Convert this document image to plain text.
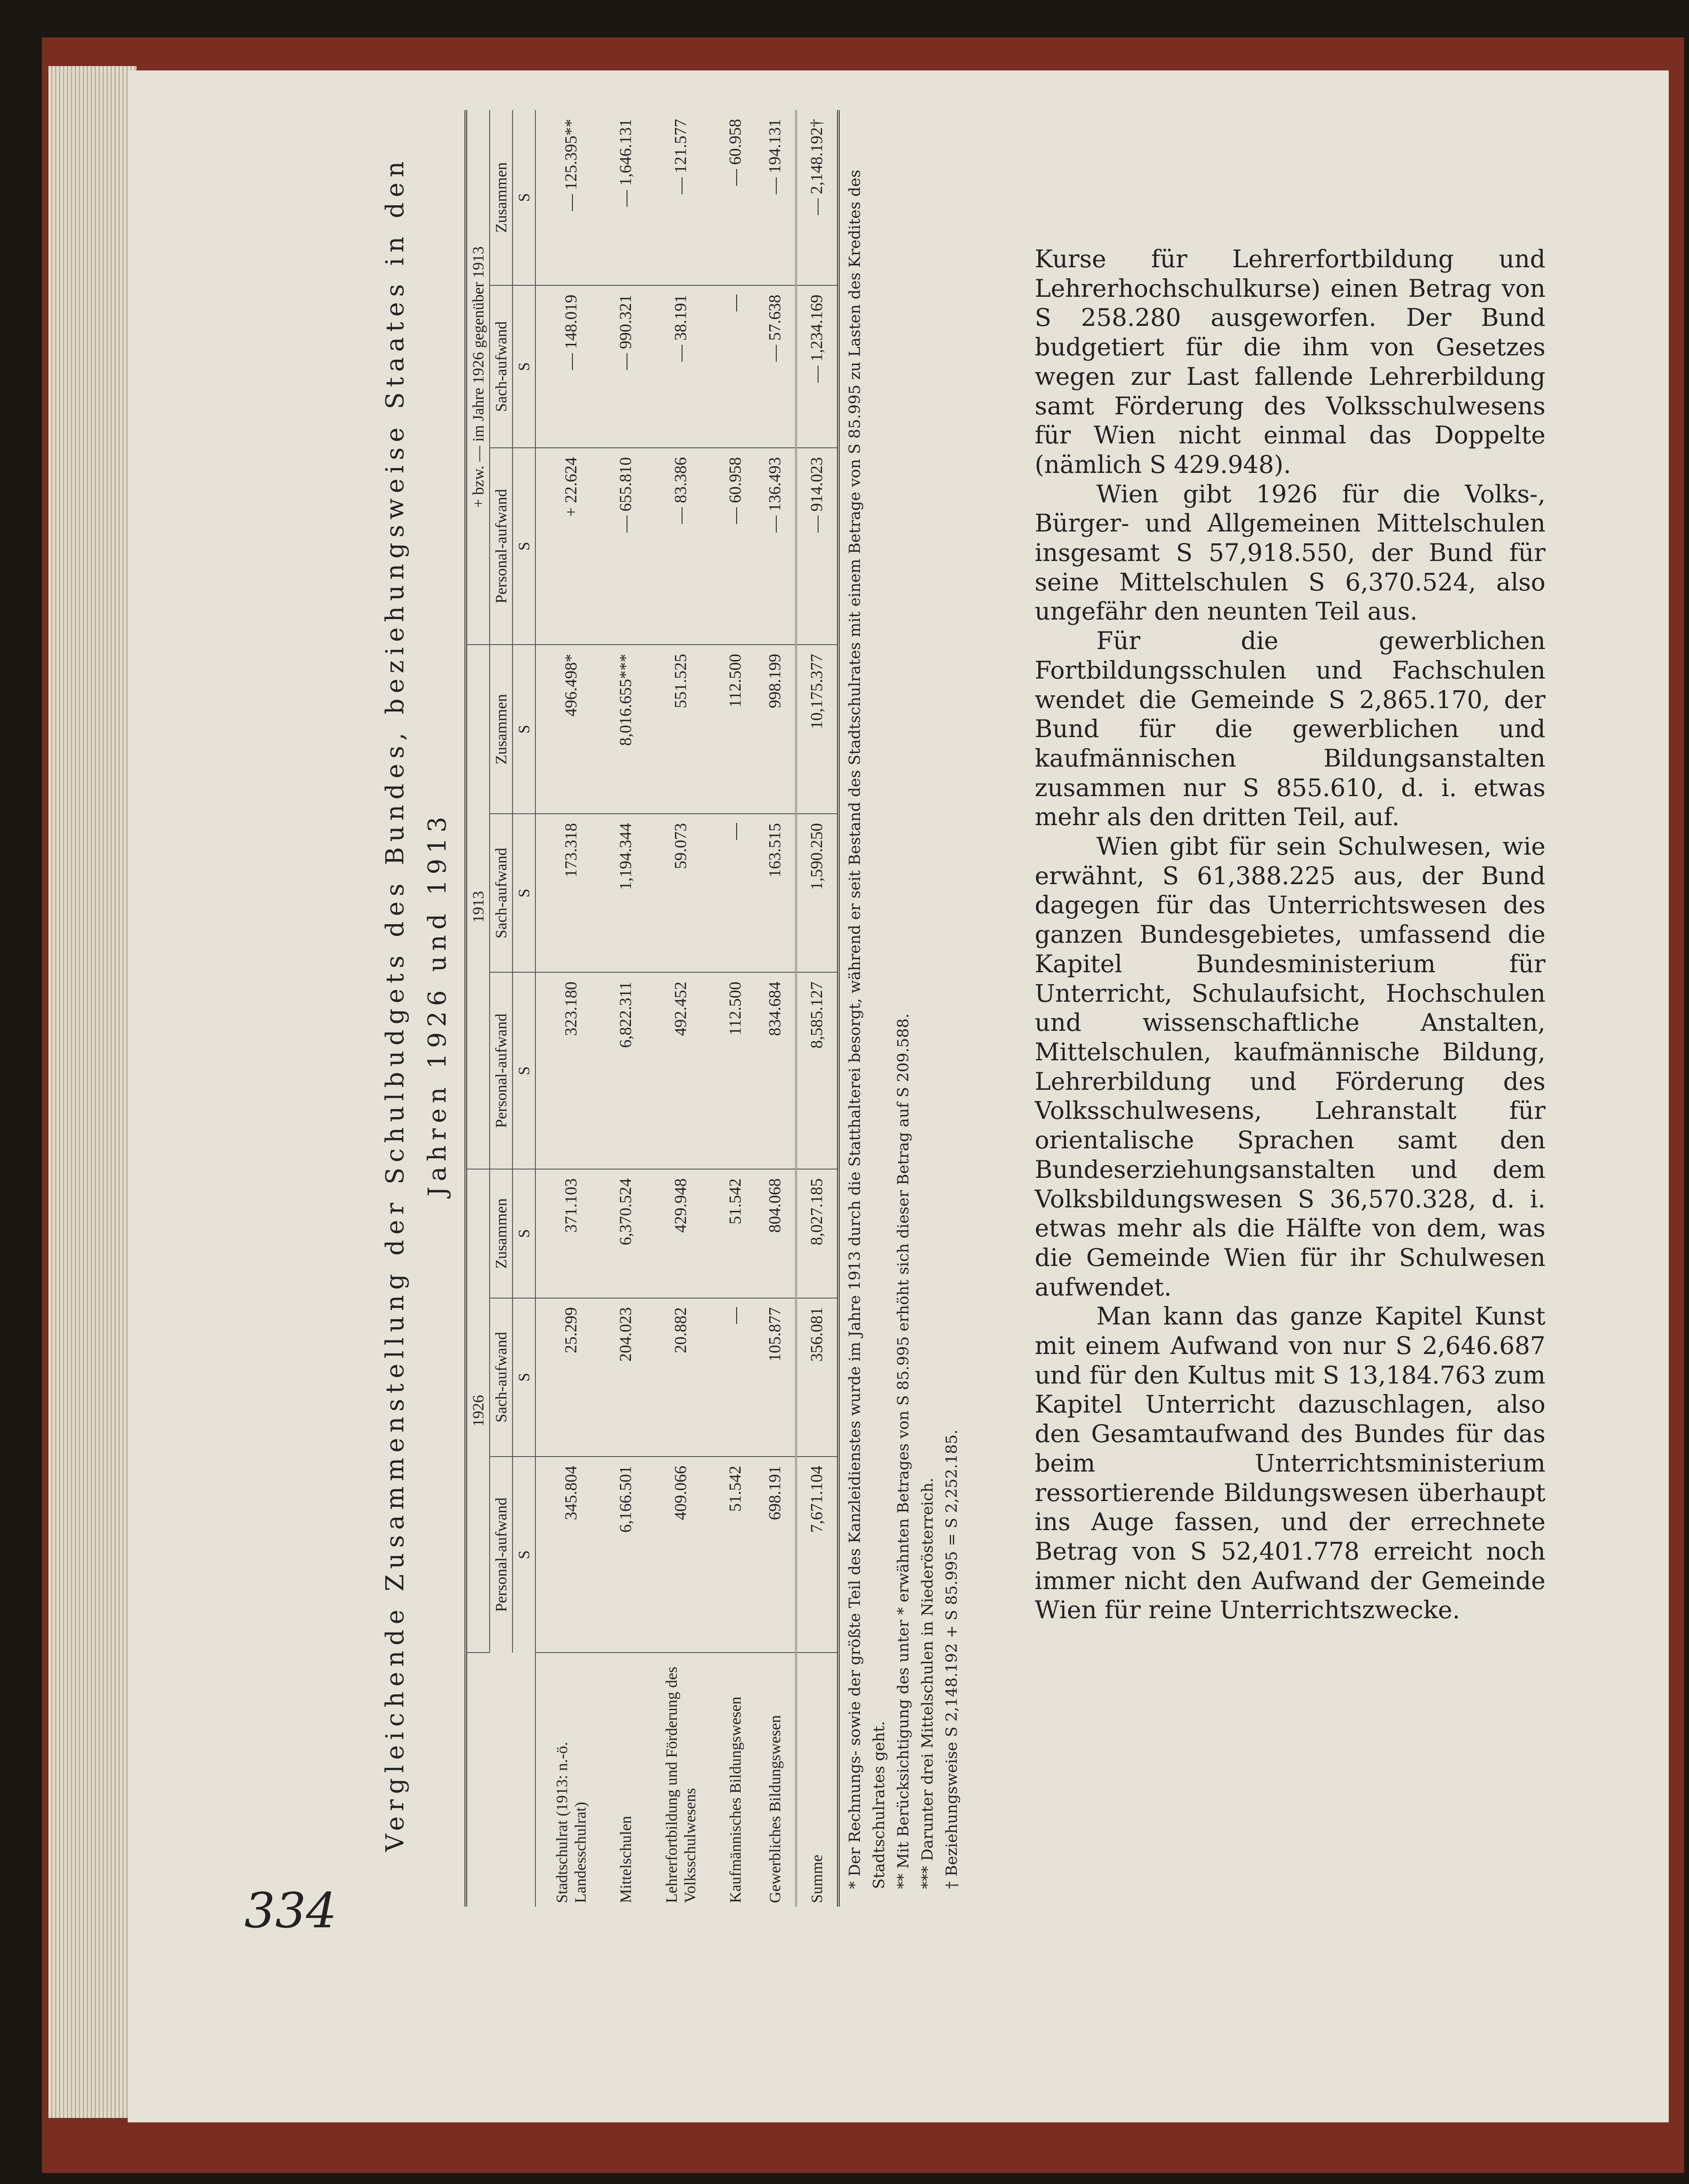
334
Vergleichende Zusammenstellung der Schulbudgets des Bundes, beziehungsweise Staates in den Jahren 1926 und 1913
	1926			1913			+ bzw. — im Jahre 1926 gegenüber 1913		
	Personal-aufwand	Sach-aufwand	Zusammen	Personal-aufwand	Sach-aufwand	Zusammen	Personal-aufwand	Sach-aufwand	Zusammen
	S	S	S	S	S	S	S	S	S
Stadtschulrat (1913: n.-ö. Landesschulrat)	345.804	25.299	371.103	323.180	173.318	496.498*	+ 22.624	— 148.019	— 125.395**
Mittelschulen	6,166.501	204.023	6,370.524	6,822.311	1,194.344	8,016.655***	— 655.810	— 990.321	— 1,646.131
Lehrerfortbildung und Förderung des Volksschulwesens	409.066	20.882	429.948	492.452	59.073	551.525	— 83.386	— 38.191	— 121.577
Kaufmännisches Bildungswesen	51.542	—	51.542	112.500	—	112.500	— 60.958	—	— 60.958
Gewerbliches Bildungswesen	698.191	105.877	804.068	834.684	163.515	998.199	— 136.493	— 57.638	— 194.131
Summe	7,671.104	356.081	8,027.185	8,585.127	1,590.250	10,175.377	— 914.023	— 1,234.169	— 2,148.192†
* Der Rechnungs- sowie der größte Teil des Kanzleidienstes wurde im Jahre 1913 durch die Statthalterei besorgt, während er seit Bestand des Stadtschulrates mit einem Betrage von S 85.995 zu Lasten des Kredites des Stadtschulrates geht. ** Mit Berücksichtigung des unter * erwähnten Betrages von S 85.995 erhöht sich dieser Betrag auf S 209.588. *** Darunter drei Mittelschulen in Niederösterreich. † Beziehungsweise S 2,148.192 + S 85.995 = S 2,252.185.

Kurse für Lehrerfortbildung und Lehrerhochschulkurse) einen Betrag von S 258.280 ausgeworfen. Der Bund budgetiert für die ihm von Gesetzes wegen zur Last fallende Lehrerbildung samt Förderung des Volksschulwesens für Wien nicht einmal das Doppelte (nämlich S 429.948).

Wien gibt 1926 für die Volks-, Bürger- und Allgemeinen Mittelschulen insgesamt S 57,918.550, der Bund für seine Mittelschulen S 6,370.524, also ungefähr den neunten Teil aus.

Für die gewerblichen Fortbildungsschulen und Fachschulen wendet die Gemeinde S 2,865.170, der Bund für die gewerblichen und kaufmännischen Bildungsanstalten zusammen nur S 855.610, d. i. etwas mehr als den dritten Teil, auf.

Wien gibt für sein Schulwesen, wie erwähnt, S 61,388.225 aus, der Bund dagegen für das Unterrichtswesen des ganzen Bundesgebietes, umfassend die Kapitel Bundesministerium für Unterricht, Schulaufsicht, Hochschulen und wissenschaftliche Anstalten, Mittelschulen, kaufmännische Bildung, Lehrerbildung und Förderung des Volksschulwesens, Lehranstalt für orientalische Sprachen samt den Bundeserziehungsanstalten und dem Volksbildungswesen S 36,570.328, d. i. etwas mehr als die Hälfte von dem, was die Gemeinde Wien für ihr Schulwesen aufwendet.

Man kann das ganze Kapitel Kunst mit einem Aufwand von nur S 2,646.687 und für den Kultus mit S 13,184.763 zum Kapitel Unterricht dazuschlagen, also den Gesamtaufwand des Bundes für das beim Unterrichtsministerium ressortierende Bildungswesen überhaupt ins Auge fassen, und der errechnete Betrag von S 52,401.778 erreicht noch immer nicht den Aufwand der Gemeinde Wien für reine Unterrichtszwecke.
